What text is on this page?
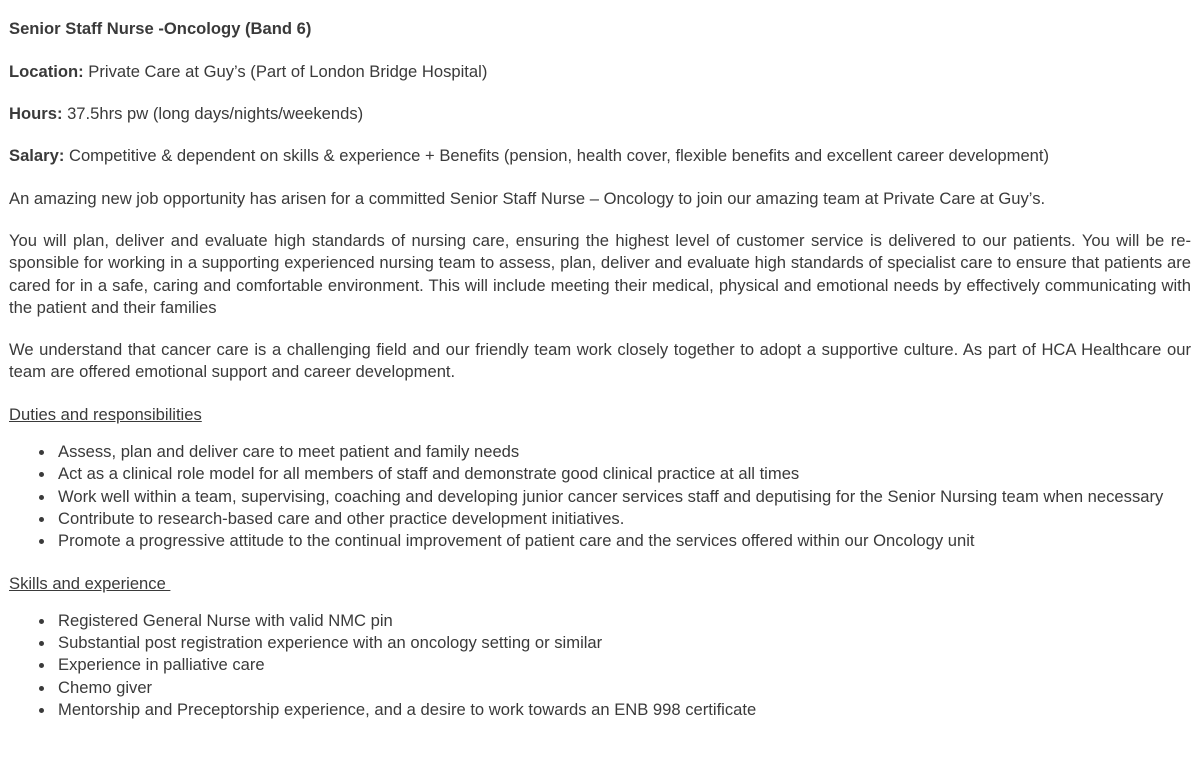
Senior Staff Nurse -Oncology (Band 6)

Location: Private Care at Guy’s (Part of London Bridge Hospital)

Hours: 37.5hrs pw (long days/nights/weekends)

Salary: Competitive & dependent on skills & experience + Benefits (pension, health cover, flexible benefits and excellent career development)

An amazing new job opportunity has arisen for a committed Senior Staff Nurse – Oncology to join our amazing team at Private Care at Guy’s.

You will plan, deliver and evaluate high standards of nursing care, ensuring the highest level of customer service is delivered to our patients. You will be responsible for working in a supporting experienced nursing team to assess, plan, deliver and evaluate high standards of specialist care to ensure that patients are cared for in a safe, caring and comfortable environment. This will include meeting their medical, physical and emotional needs by effectively communicating with the patient and their families

We understand that cancer care is a challenging field and our friendly team work closely together to adopt a supportive culture. As part of HCA Healthcare our team are offered emotional support and career development.

Duties and responsibilities

Assess, plan and deliver care to meet patient and family needs
Act as a clinical role model for all members of staff and demonstrate good clinical practice at all times
Work well within a team, supervising, coaching and developing junior cancer services staff and deputising for the Senior Nursing team when necessary
Contribute to research-based care and other practice development initiatives.
Promote a progressive attitude to the continual improvement of patient care and the services offered within our Oncology unit

Skills and experience

Registered General Nurse with valid NMC pin
Substantial post registration experience with an oncology setting or similar
Experience in palliative care
Chemo giver
Mentorship and Preceptorship experience, and a desire to work towards an ENB 998 certificate
